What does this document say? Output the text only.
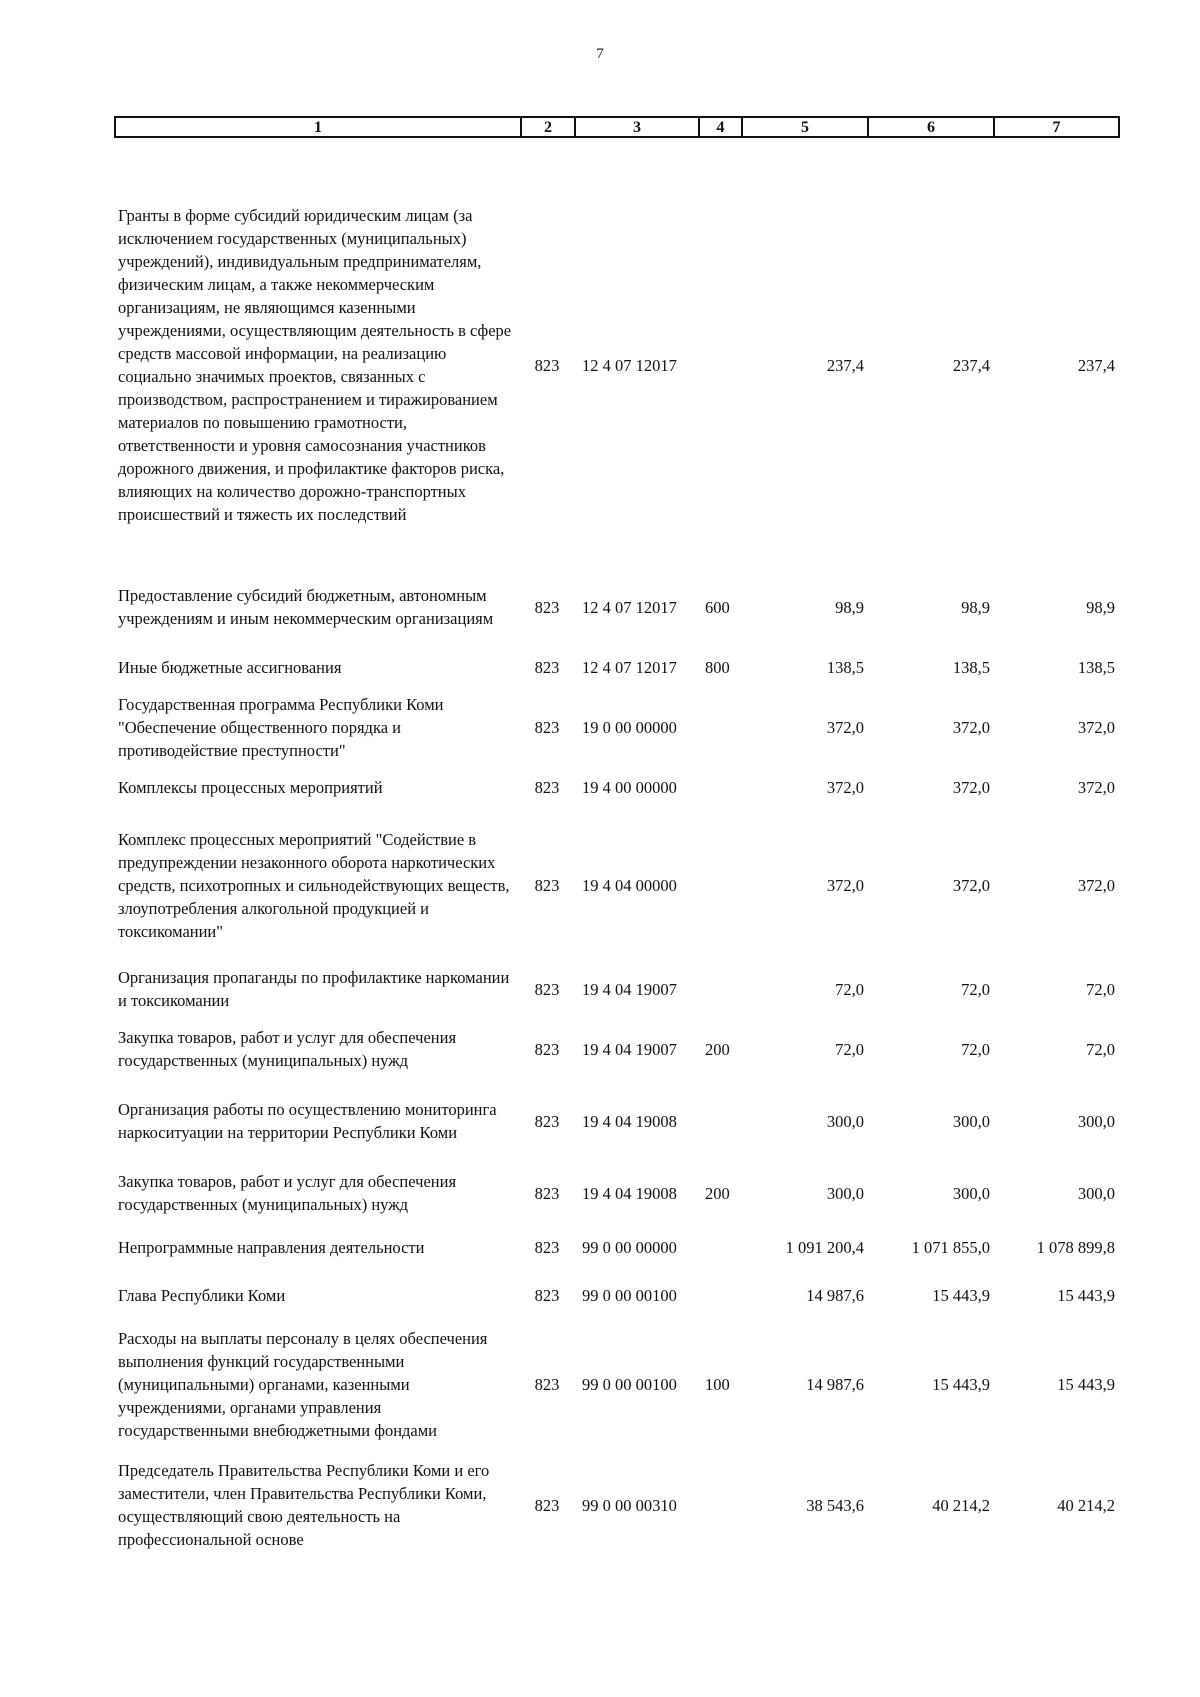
7
1	2	3	4	5	6	7
Гранты в форме субсидий юридическим лицам (за исключением государственных (муниципальных) учреждений), индивидуальным предпринимателям, физическим лицам, а также некоммерческим организациям, не являющимся казенными учреждениями, осуществляющим деятельность в сфере средств массовой информации, на реализацию социально значимых проектов, связанных с производством, распространением и тиражированием материалов по повышению грамотности, ответственности и уровня самосознания участников дорожного движения, и профилактике факторов риска, влияющих на количество дорожно-транспортных происшествий и тяжесть их последствий	823	12 4 07 12017		237,4	237,4	237,4
Предоставление субсидий бюджетным, автономным учреждениям и иным некоммерческим организациям	823	12 4 07 12017	600	98,9	98,9	98,9
Иные бюджетные ассигнования	823	12 4 07 12017	800	138,5	138,5	138,5
Государственная программа Республики Коми "Обеспечение общественного порядка и противодействие преступности"	823	19 0 00 00000		372,0	372,0	372,0
Комплексы процессных мероприятий	823	19 4 00 00000		372,0	372,0	372,0
Комплекс процессных мероприятий "Содействие в предупреждении незаконного оборота наркотических средств, психотропных и сильнодействующих веществ, злоупотребления алкогольной продукцией и токсикомании"	823	19 4 04 00000		372,0	372,0	372,0
Организация пропаганды по профилактике наркомании и токсикомании	823	19 4 04 19007		72,0	72,0	72,0
Закупка товаров, работ и услуг для обеспечения государственных (муниципальных) нужд	823	19 4 04 19007	200	72,0	72,0	72,0
Организация работы по осуществлению мониторинга наркоситуации на территории Республики Коми	823	19 4 04 19008		300,0	300,0	300,0
Закупка товаров, работ и услуг для обеспечения государственных (муниципальных) нужд	823	19 4 04 19008	200	300,0	300,0	300,0
Непрограммные направления деятельности	823	99 0 00 00000		1 091 200,4	1 071 855,0	1 078 899,8
Глава Республики Коми	823	99 0 00 00100		14 987,6	15 443,9	15 443,9
Расходы на выплаты персоналу в целях обеспечения выполнения функций государственными (муниципальными) органами, казенными учреждениями, органами управления государственными внебюджетными фондами	823	99 0 00 00100	100	14 987,6	15 443,9	15 443,9
Председатель Правительства Республики Коми и его заместители, член Правительства Республики Коми, осуществляющий свою деятельность на профессиональной основе	823	99 0 00 00310		38 543,6	40 214,2	40 214,2
